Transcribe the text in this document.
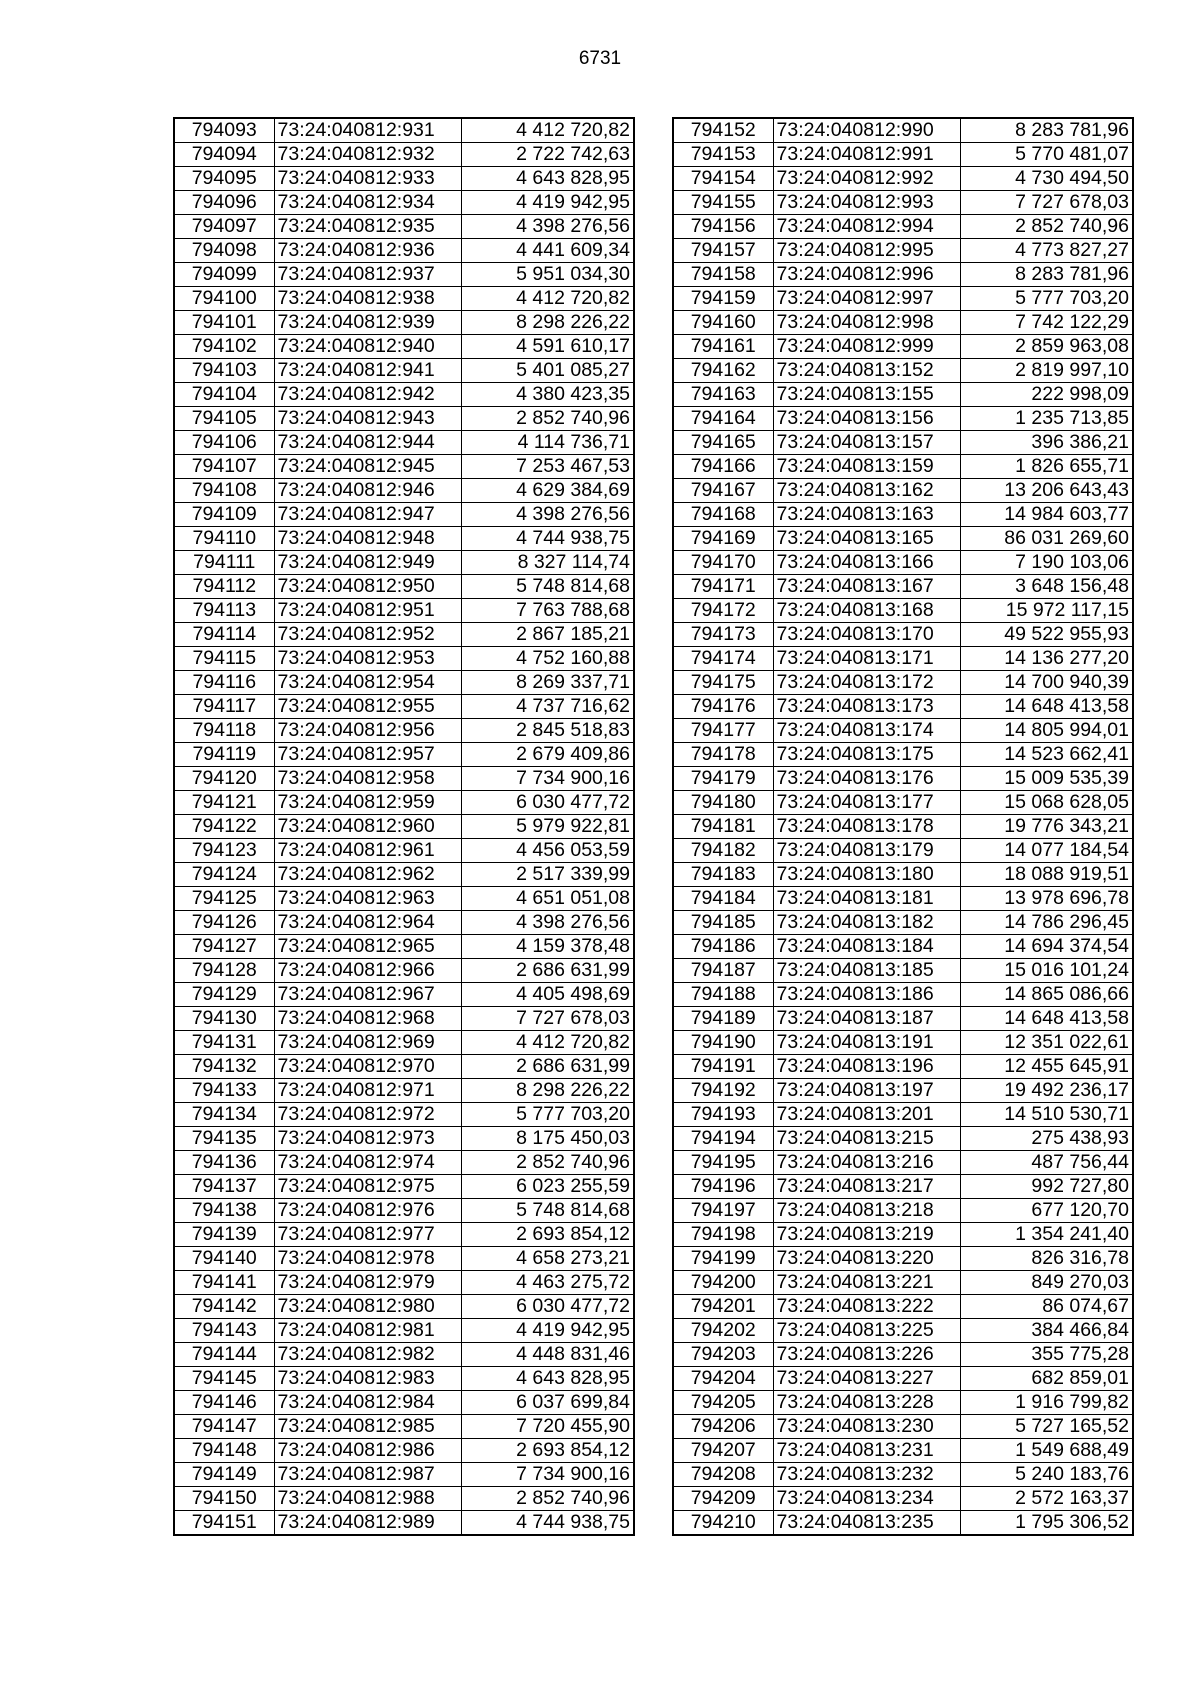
6731
794093	73:24:040812:931	4 412 720,82
794094	73:24:040812:932	2 722 742,63
794095	73:24:040812:933	4 643 828,95
794096	73:24:040812:934	4 419 942,95
794097	73:24:040812:935	4 398 276,56
794098	73:24:040812:936	4 441 609,34
794099	73:24:040812:937	5 951 034,30
794100	73:24:040812:938	4 412 720,82
794101	73:24:040812:939	8 298 226,22
794102	73:24:040812:940	4 591 610,17
794103	73:24:040812:941	5 401 085,27
794104	73:24:040812:942	4 380 423,35
794105	73:24:040812:943	2 852 740,96
794106	73:24:040812:944	4 114 736,71
794107	73:24:040812:945	7 253 467,53
794108	73:24:040812:946	4 629 384,69
794109	73:24:040812:947	4 398 276,56
794110	73:24:040812:948	4 744 938,75
794111	73:24:040812:949	8 327 114,74
794112	73:24:040812:950	5 748 814,68
794113	73:24:040812:951	7 763 788,68
794114	73:24:040812:952	2 867 185,21
794115	73:24:040812:953	4 752 160,88
794116	73:24:040812:954	8 269 337,71
794117	73:24:040812:955	4 737 716,62
794118	73:24:040812:956	2 845 518,83
794119	73:24:040812:957	2 679 409,86
794120	73:24:040812:958	7 734 900,16
794121	73:24:040812:959	6 030 477,72
794122	73:24:040812:960	5 979 922,81
794123	73:24:040812:961	4 456 053,59
794124	73:24:040812:962	2 517 339,99
794125	73:24:040812:963	4 651 051,08
794126	73:24:040812:964	4 398 276,56
794127	73:24:040812:965	4 159 378,48
794128	73:24:040812:966	2 686 631,99
794129	73:24:040812:967	4 405 498,69
794130	73:24:040812:968	7 727 678,03
794131	73:24:040812:969	4 412 720,82
794132	73:24:040812:970	2 686 631,99
794133	73:24:040812:971	8 298 226,22
794134	73:24:040812:972	5 777 703,20
794135	73:24:040812:973	8 175 450,03
794136	73:24:040812:974	2 852 740,96
794137	73:24:040812:975	6 023 255,59
794138	73:24:040812:976	5 748 814,68
794139	73:24:040812:977	2 693 854,12
794140	73:24:040812:978	4 658 273,21
794141	73:24:040812:979	4 463 275,72
794142	73:24:040812:980	6 030 477,72
794143	73:24:040812:981	4 419 942,95
794144	73:24:040812:982	4 448 831,46
794145	73:24:040812:983	4 643 828,95
794146	73:24:040812:984	6 037 699,84
794147	73:24:040812:985	7 720 455,90
794148	73:24:040812:986	2 693 854,12
794149	73:24:040812:987	7 734 900,16
794150	73:24:040812:988	2 852 740,96
794151	73:24:040812:989	4 744 938,75
794152	73:24:040812:990	8 283 781,96
794153	73:24:040812:991	5 770 481,07
794154	73:24:040812:992	4 730 494,50
794155	73:24:040812:993	7 727 678,03
794156	73:24:040812:994	2 852 740,96
794157	73:24:040812:995	4 773 827,27
794158	73:24:040812:996	8 283 781,96
794159	73:24:040812:997	5 777 703,20
794160	73:24:040812:998	7 742 122,29
794161	73:24:040812:999	2 859 963,08
794162	73:24:040813:152	2 819 997,10
794163	73:24:040813:155	222 998,09
794164	73:24:040813:156	1 235 713,85
794165	73:24:040813:157	396 386,21
794166	73:24:040813:159	1 826 655,71
794167	73:24:040813:162	13 206 643,43
794168	73:24:040813:163	14 984 603,77
794169	73:24:040813:165	86 031 269,60
794170	73:24:040813:166	7 190 103,06
794171	73:24:040813:167	3 648 156,48
794172	73:24:040813:168	15 972 117,15
794173	73:24:040813:170	49 522 955,93
794174	73:24:040813:171	14 136 277,20
794175	73:24:040813:172	14 700 940,39
794176	73:24:040813:173	14 648 413,58
794177	73:24:040813:174	14 805 994,01
794178	73:24:040813:175	14 523 662,41
794179	73:24:040813:176	15 009 535,39
794180	73:24:040813:177	15 068 628,05
794181	73:24:040813:178	19 776 343,21
794182	73:24:040813:179	14 077 184,54
794183	73:24:040813:180	18 088 919,51
794184	73:24:040813:181	13 978 696,78
794185	73:24:040813:182	14 786 296,45
794186	73:24:040813:184	14 694 374,54
794187	73:24:040813:185	15 016 101,24
794188	73:24:040813:186	14 865 086,66
794189	73:24:040813:187	14 648 413,58
794190	73:24:040813:191	12 351 022,61
794191	73:24:040813:196	12 455 645,91
794192	73:24:040813:197	19 492 236,17
794193	73:24:040813:201	14 510 530,71
794194	73:24:040813:215	275 438,93
794195	73:24:040813:216	487 756,44
794196	73:24:040813:217	992 727,80
794197	73:24:040813:218	677 120,70
794198	73:24:040813:219	1 354 241,40
794199	73:24:040813:220	826 316,78
794200	73:24:040813:221	849 270,03
794201	73:24:040813:222	86 074,67
794202	73:24:040813:225	384 466,84
794203	73:24:040813:226	355 775,28
794204	73:24:040813:227	682 859,01
794205	73:24:040813:228	1 916 799,82
794206	73:24:040813:230	5 727 165,52
794207	73:24:040813:231	1 549 688,49
794208	73:24:040813:232	5 240 183,76
794209	73:24:040813:234	2 572 163,37
794210	73:24:040813:235	1 795 306,52
